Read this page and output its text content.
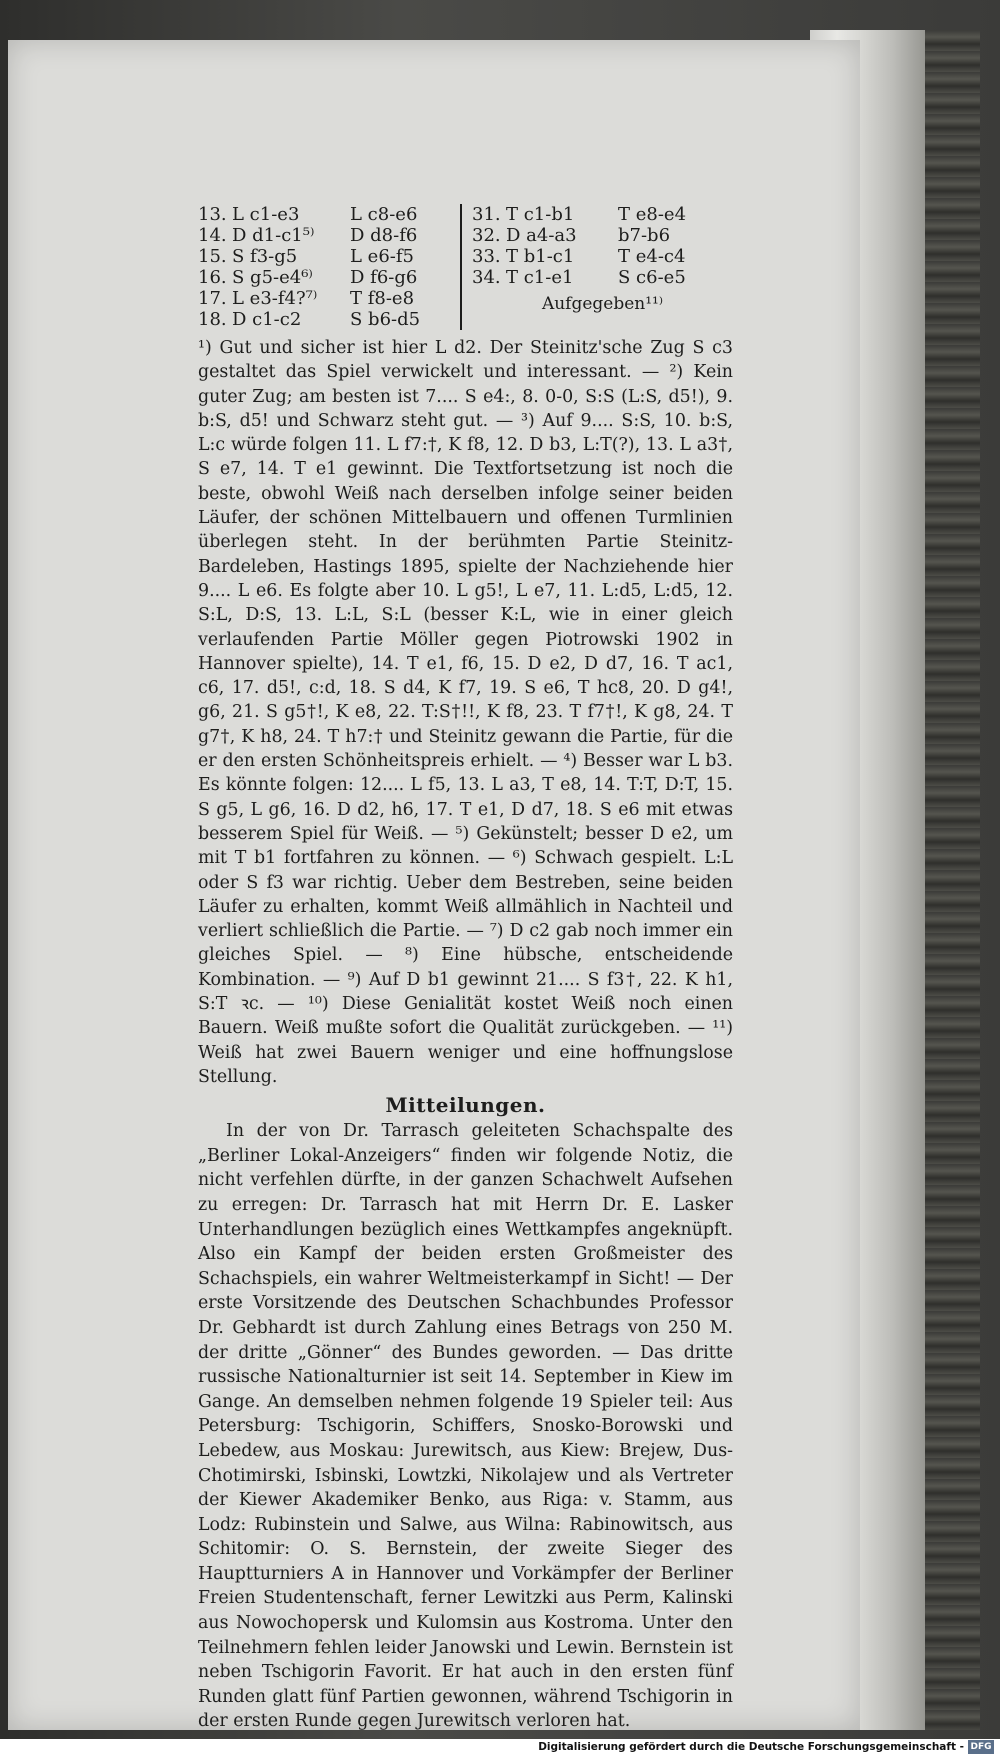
13. L c1-e3	L c8-e6
14. D d1-c1⁵⁾	D d8-f6
15. S f3-g5	L e6-f5
16. S g5-e4⁶⁾	D f6-g6
17. L e3-f4?⁷⁾	T f8-e8
18. D c1-c2	S b6-d5
31. T c1-b1	T e8-e4
32. D a4-a3	b7-b6
33. T b1-c1	T e4-c4
34. T c1-e1	S c6-e5
Aufgegeben¹¹⁾

¹) Gut und sicher ist hier L d2. Der Steinitz'sche Zug S c3 gestaltet das Spiel verwickelt und interessant. — ²) Kein guter Zug; am besten ist 7.... S e4:, 8. 0-0, S:S (L:S, d5!), 9. b:S, d5! und Schwarz steht gut. — ³) Auf 9.... S:S, 10. b:S, L:c würde folgen 11. L f7:†, K f8, 12. D b3, L:T(?), 13. L a3†, S e7, 14. T e1 gewinnt. Die Textfortsetzung ist noch die beste, obwohl Weiß nach derselben infolge seiner beiden Läufer, der schönen Mittelbauern und offenen Turmlinien überlegen steht. In der berühmten Partie Steinitz-Bardeleben, Hastings 1895, spielte der Nachziehende hier 9.... L e6. Es folgte aber 10. L g5!, L e7, 11. L:d5, L:d5, 12. S:L, D:S, 13. L:L, S:L (besser K:L, wie in einer gleich verlaufenden Partie Möller gegen Piotrowski 1902 in Hannover spielte), 14. T e1, f6, 15. D e2, D d7, 16. T ac1, c6, 17. d5!, c:d, 18. S d4, K f7, 19. S e6, T hc8, 20. D g4!, g6, 21. S g5†!, K e8, 22. T:S†!!, K f8, 23. T f7†!, K g8, 24. T g7†, K h8, 24. T h7:† und Steinitz gewann die Partie, für die er den ersten Schönheitspreis erhielt. — ⁴) Besser war L b3. Es könnte folgen: 12.... L f5, 13. L a3, T e8, 14. T:T, D:T, 15. S g5, L g6, 16. D d2, h6, 17. T e1, D d7, 18. S e6 mit etwas besserem Spiel für Weiß. — ⁵) Gekünstelt; besser D e2, um mit T b1 fortfahren zu können. — ⁶) Schwach gespielt. L:L oder S f3 war richtig. Ueber dem Bestreben, seine beiden Läufer zu erhalten, kommt Weiß allmählich in Nachteil und verliert schließlich die Partie. — ⁷) D c2 gab noch immer ein gleiches Spiel. — ⁸) Eine hübsche, entscheidende Kombination. — ⁹) Auf D b1 gewinnt 21.... S f3†, 22. K h1, S:T ꝛc. — ¹⁰) Diese Genialität kostet Weiß noch einen Bauern. Weiß mußte sofort die Qualität zurückgeben. — ¹¹) Weiß hat zwei Bauern weniger und eine hoffnungslose Stellung.

Mitteilungen.

In der von Dr. Tarrasch geleiteten Schachspalte des „Berliner Lokal-Anzeigers“ finden wir folgende Notiz, die nicht verfehlen dürfte, in der ganzen Schachwelt Aufsehen zu erregen: Dr. Tarrasch hat mit Herrn Dr. E. Lasker Unterhandlungen bezüglich eines Wettkampfes angeknüpft. Also ein Kampf der beiden ersten Großmeister des Schachspiels, ein wahrer Weltmeisterkampf in Sicht! — Der erste Vorsitzende des Deutschen Schachbundes Professor Dr. Gebhardt ist durch Zahlung eines Betrags von 250 M. der dritte „Gönner“ des Bundes geworden. — Das dritte russische Nationalturnier ist seit 14. September in Kiew im Gange. An demselben nehmen folgende 19 Spieler teil: Aus Petersburg: Tschigorin, Schiffers, Snosko-Borowski und Lebedew, aus Moskau: Jurewitsch, aus Kiew: Brejew, Dus-Chotimirski, Isbinski, Lowtzki, Nikolajew und als Vertreter der Kiewer Akademiker Benko, aus Riga: v. Stamm, aus Lodz: Rubinstein und Salwe, aus Wilna: Rabinowitsch, aus Schitomir: O. S. Bernstein, der zweite Sieger des Hauptturniers A in Hannover und Vorkämpfer der Berliner Freien Studentenschaft, ferner Lewitzki aus Perm, Kalinski aus Nowochopersk und Kulomsin aus Kostroma. Unter den Teilnehmern fehlen leider Janowski und Lewin. Bernstein ist neben Tschigorin Favorit. Er hat auch in den ersten fünf Runden glatt fünf Partien gewonnen, während Tschigorin in der ersten Runde gegen Jurewitsch verloren hat.

Digitalisierung gefördert durch die Deutsche Forschungsgemeinschaft - DFG
